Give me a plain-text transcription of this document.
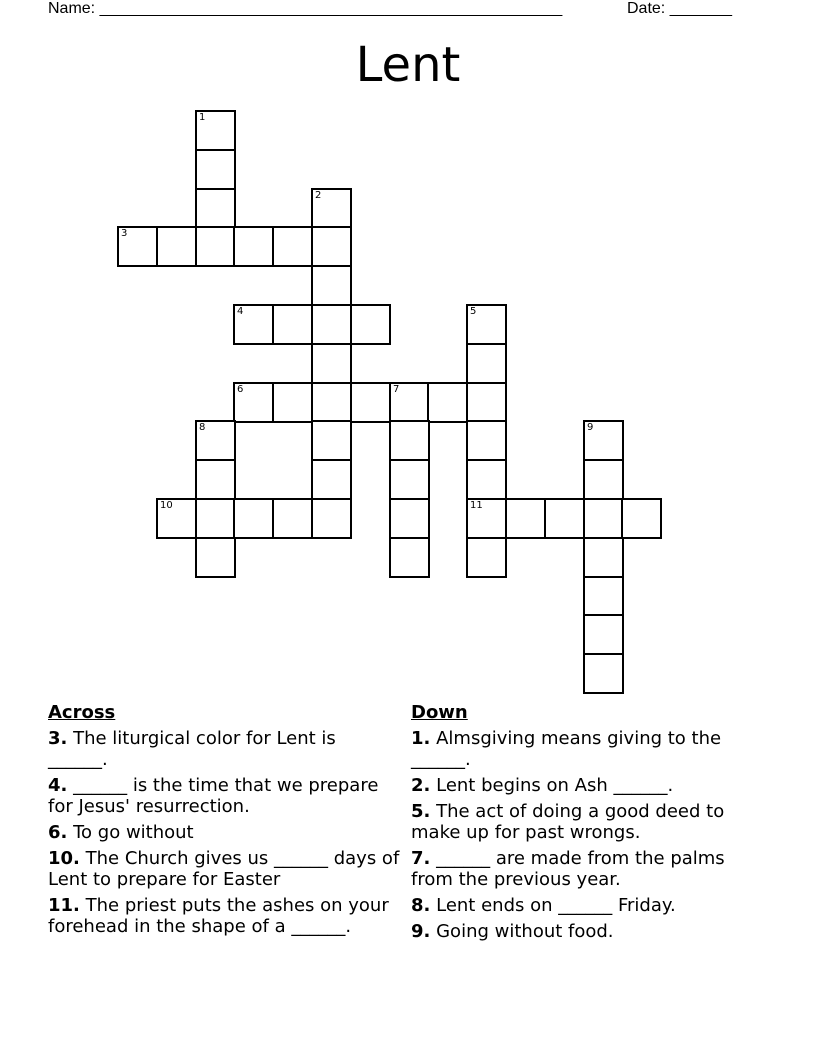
Name: ____________________________________________________	Date: _______
Lent
1
2
3
4	5
6	7
8	9
10	11
Across
3. The liturgical color for Lent is ______.
4. ______ is the time that we prepare for Jesus' resurrection.
6. To go without
10. The Church gives us ______ days of Lent to prepare for Easter
11. The priest puts the ashes on your forehead in the shape of a ______.
Down
1. Almsgiving means giving to the ______.
2. Lent begins on Ash ______.
5. The act of doing a good deed to make up for past wrongs.
7. ______ are made from the palms from the previous year.
8. Lent ends on ______ Friday.
9. Going without food.
